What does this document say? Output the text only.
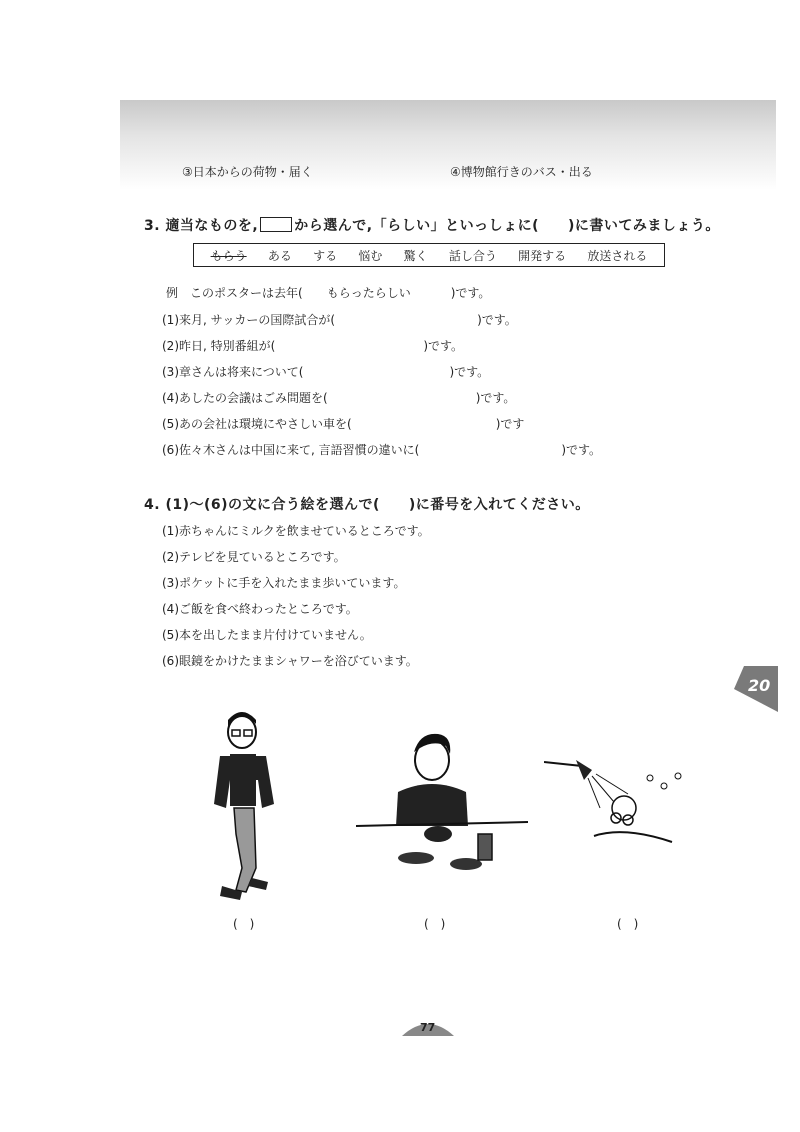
③日本からの荷物・届く	④博物館行きのバス・出る
3. 適当なものを,	から選んで,「らしい」といっしょに(　　)に書いてみましょう。
もらう ある する 悩む 驚く 話し合う 開発する 放送される
例　このポスターは去年( もらったらしい	)です。
(1)来月, サッカーの国際試合が(	)です。
(2)昨日, 特別番組が(	)です。
(3)章さんは将来について(	)です。
(4)あしたの会議はごみ問題を(	)です。
(5)あの会社は環境にやさしい車を(	)です
(6)佐々木さんは中国に来て, 言語習慣の違いに(	)です。
4. (1)～(6)の文に合う絵を選んで(　　)に番号を入れてください。
(1)赤ちゃんにミルクを飲ませているところです。
(2)テレビを見ているところです。
(3)ポケットに手を入れたまま歩いています。
(4)ご飯を食べ終わったところです。
(5)本を出したまま片付けていません。
(6)眼鏡をかけたままシャワーを浴びています。
20
(　)	(　)	(　)
77
